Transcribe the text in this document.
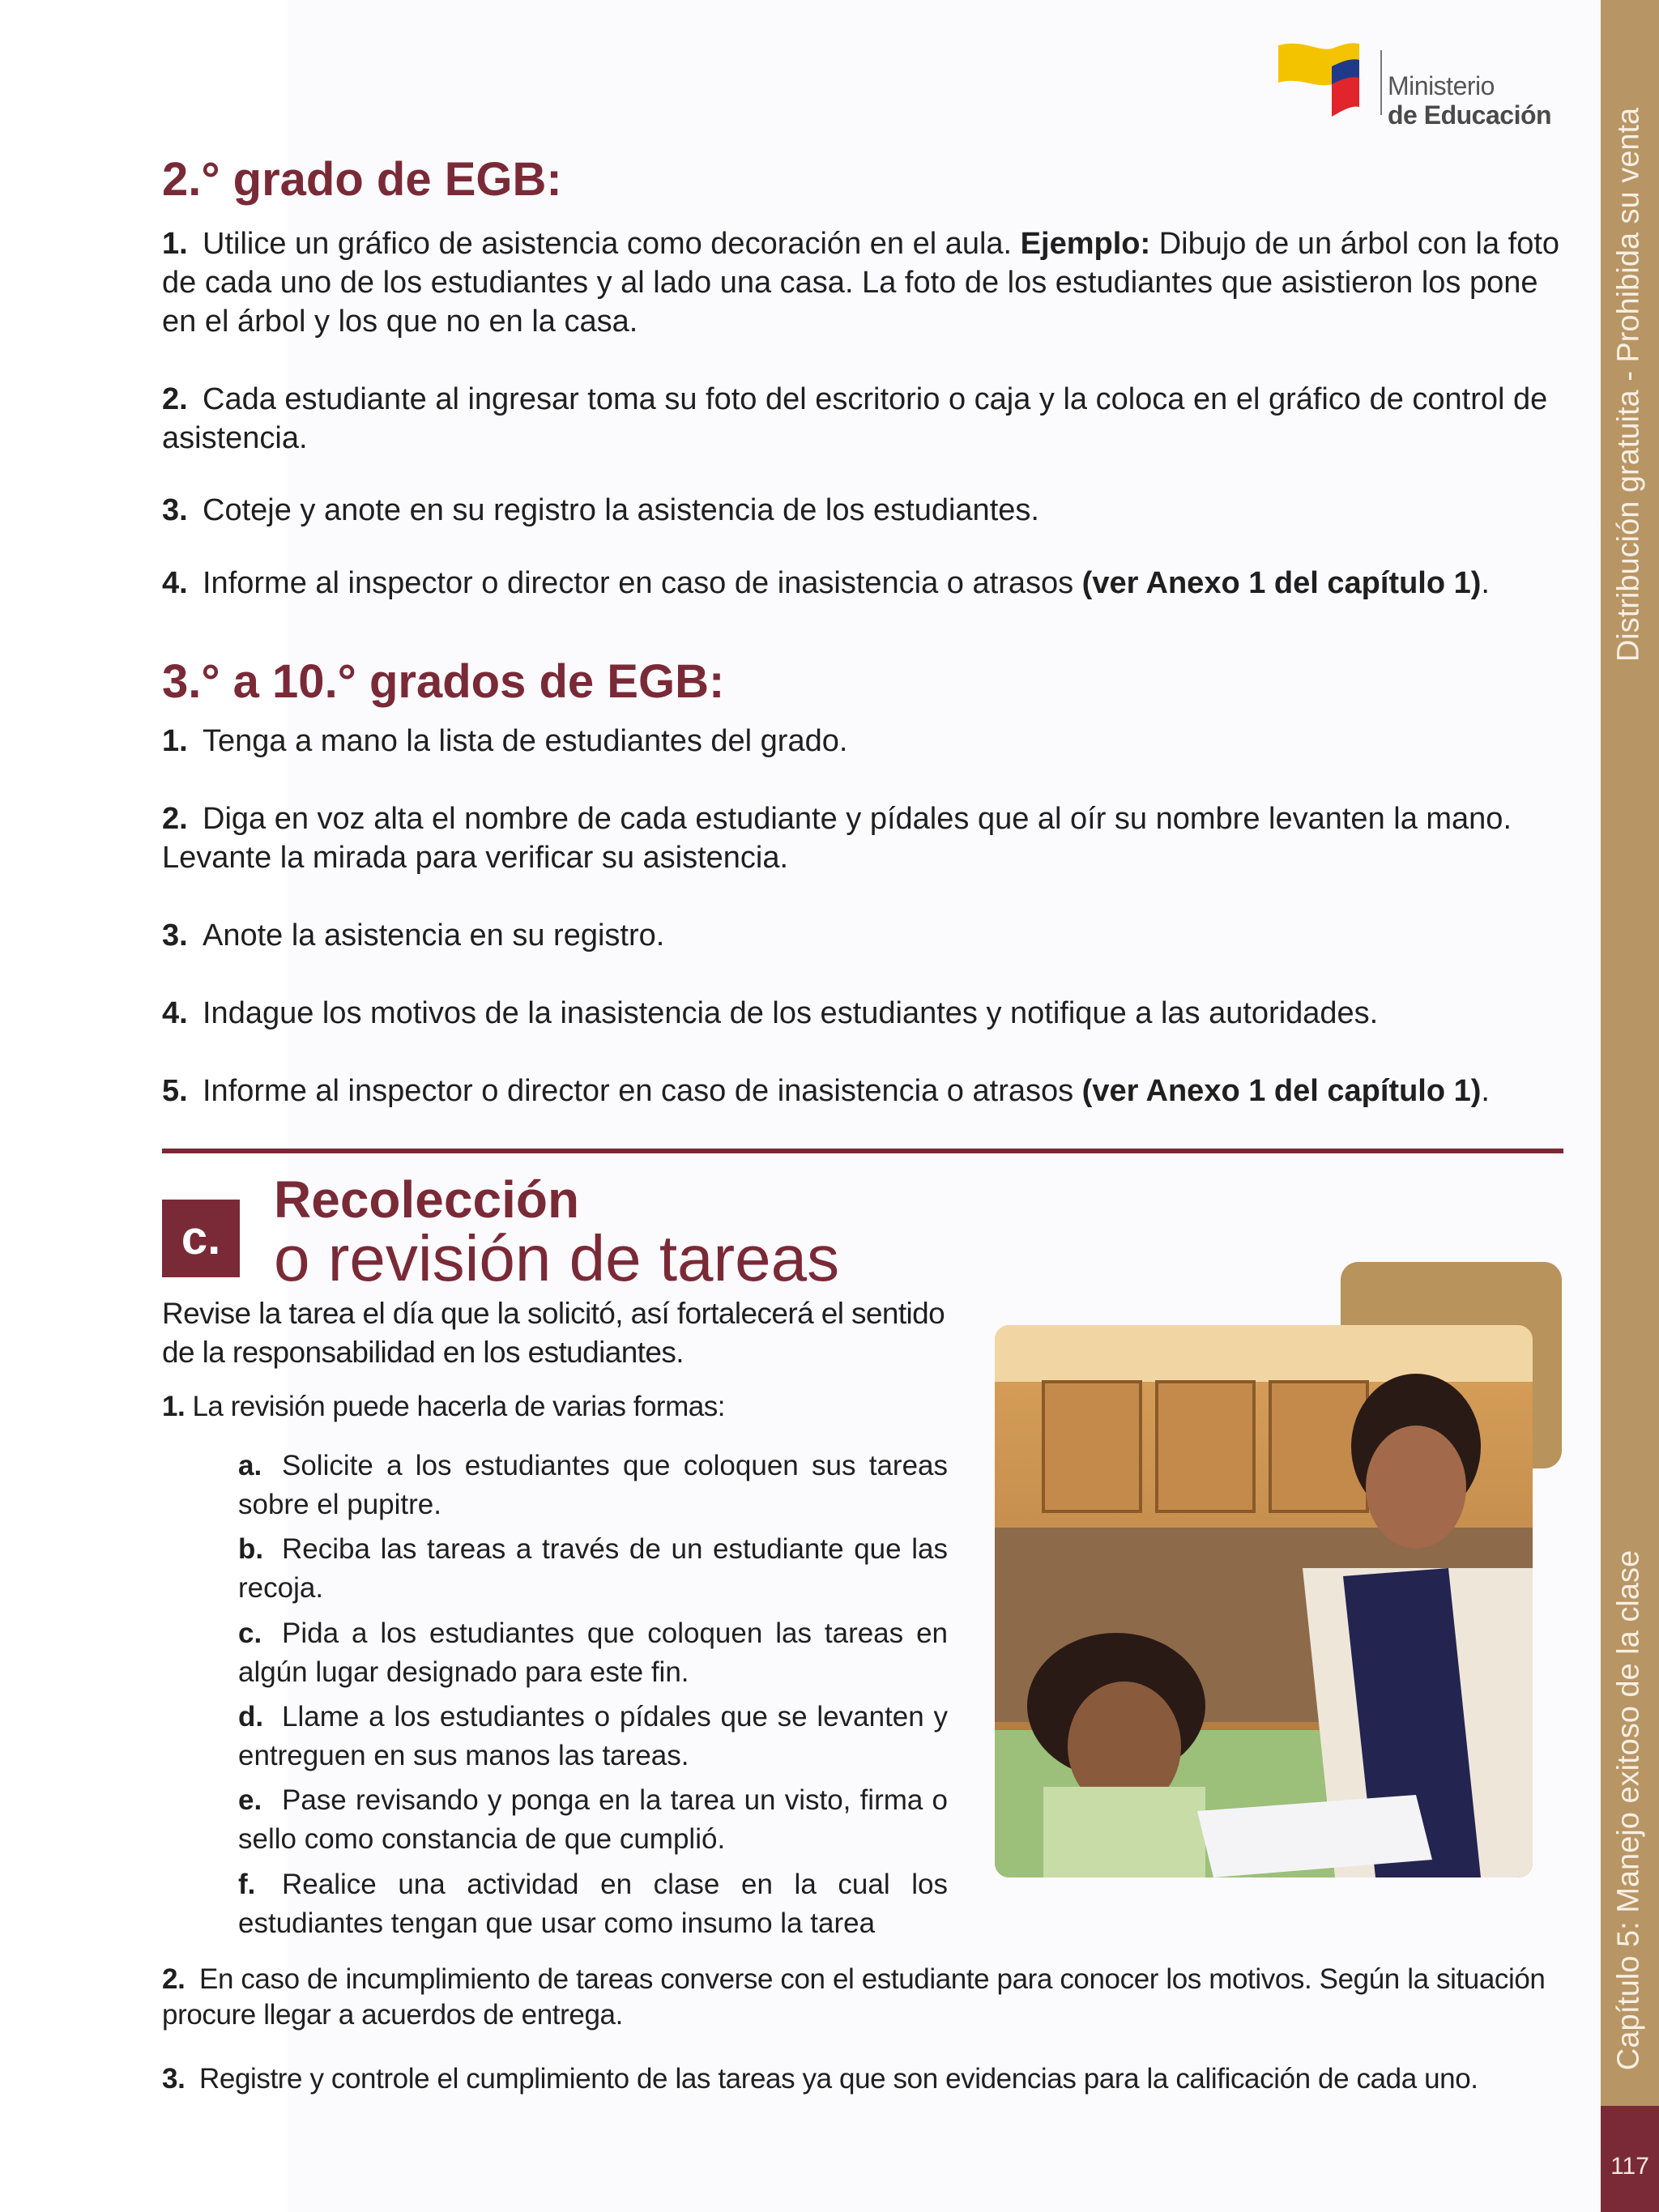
Distribución gratuita - Prohibida su venta
Capítulo 5: Manejo exitoso de la clase
117
Ministerio
de Educación
2.° grado de EGB:
1. Utilice un gráfico de asistencia como decoración en el aula. Ejemplo: Dibujo de un árbol con la foto de cada uno de los estudiantes y al lado una casa. La foto de los estudiantes que asistieron los pone en el árbol y los que no en la casa.
2. Cada estudiante al ingresar toma su foto del escritorio o caja y la coloca en el gráfico de control de asistencia.
3. Coteje y anote en su registro la asistencia de los estudiantes.
4. Informe al inspector o director en caso de inasistencia o atrasos (ver Anexo 1 del capítulo 1).
3.° a 10.° grados de EGB:
1. Tenga a mano la lista de estudiantes del grado.
2. Diga en voz alta el nombre de cada estudiante y pídales que al oír su nombre levanten la mano. Levante la mirada para verificar su asistencia.
3. Anote la asistencia en su registro.
4. Indague los motivos de la inasistencia de los estudiantes y notifique a las autoridades.
5. Informe al inspector o director en caso de inasistencia o atrasos (ver Anexo 1 del capítulo 1).
c.
Recolección
o revisión de tareas
Revise la tarea el día que la solicitó, así fortalecerá el sentido de la responsabilidad en los estudiantes.
1. La revisión puede hacerla de varias formas:
a. Solicite a los estudiantes que coloquen sus tareas sobre el pupitre.
b. Reciba las tareas a través de un estudiante que las recoja.
c. Pida a los estudiantes que coloquen las tareas en algún lugar designado para este fin.
d. Llame a los estudiantes o pídales que se levanten y entreguen en sus manos las tareas.
e. Pase revisando y ponga en la tarea un visto, firma o sello como constancia de que cumplió.
f. Realice una actividad en clase en la cual los estudiantes tengan que usar como insumo la tarea
2. En caso de incumplimiento de tareas converse con el estudiante para conocer los motivos. Según la situación procure llegar a acuerdos de entrega.
3. Registre y controle el cumplimiento de las tareas ya que son evidencias para la calificación de cada uno.
